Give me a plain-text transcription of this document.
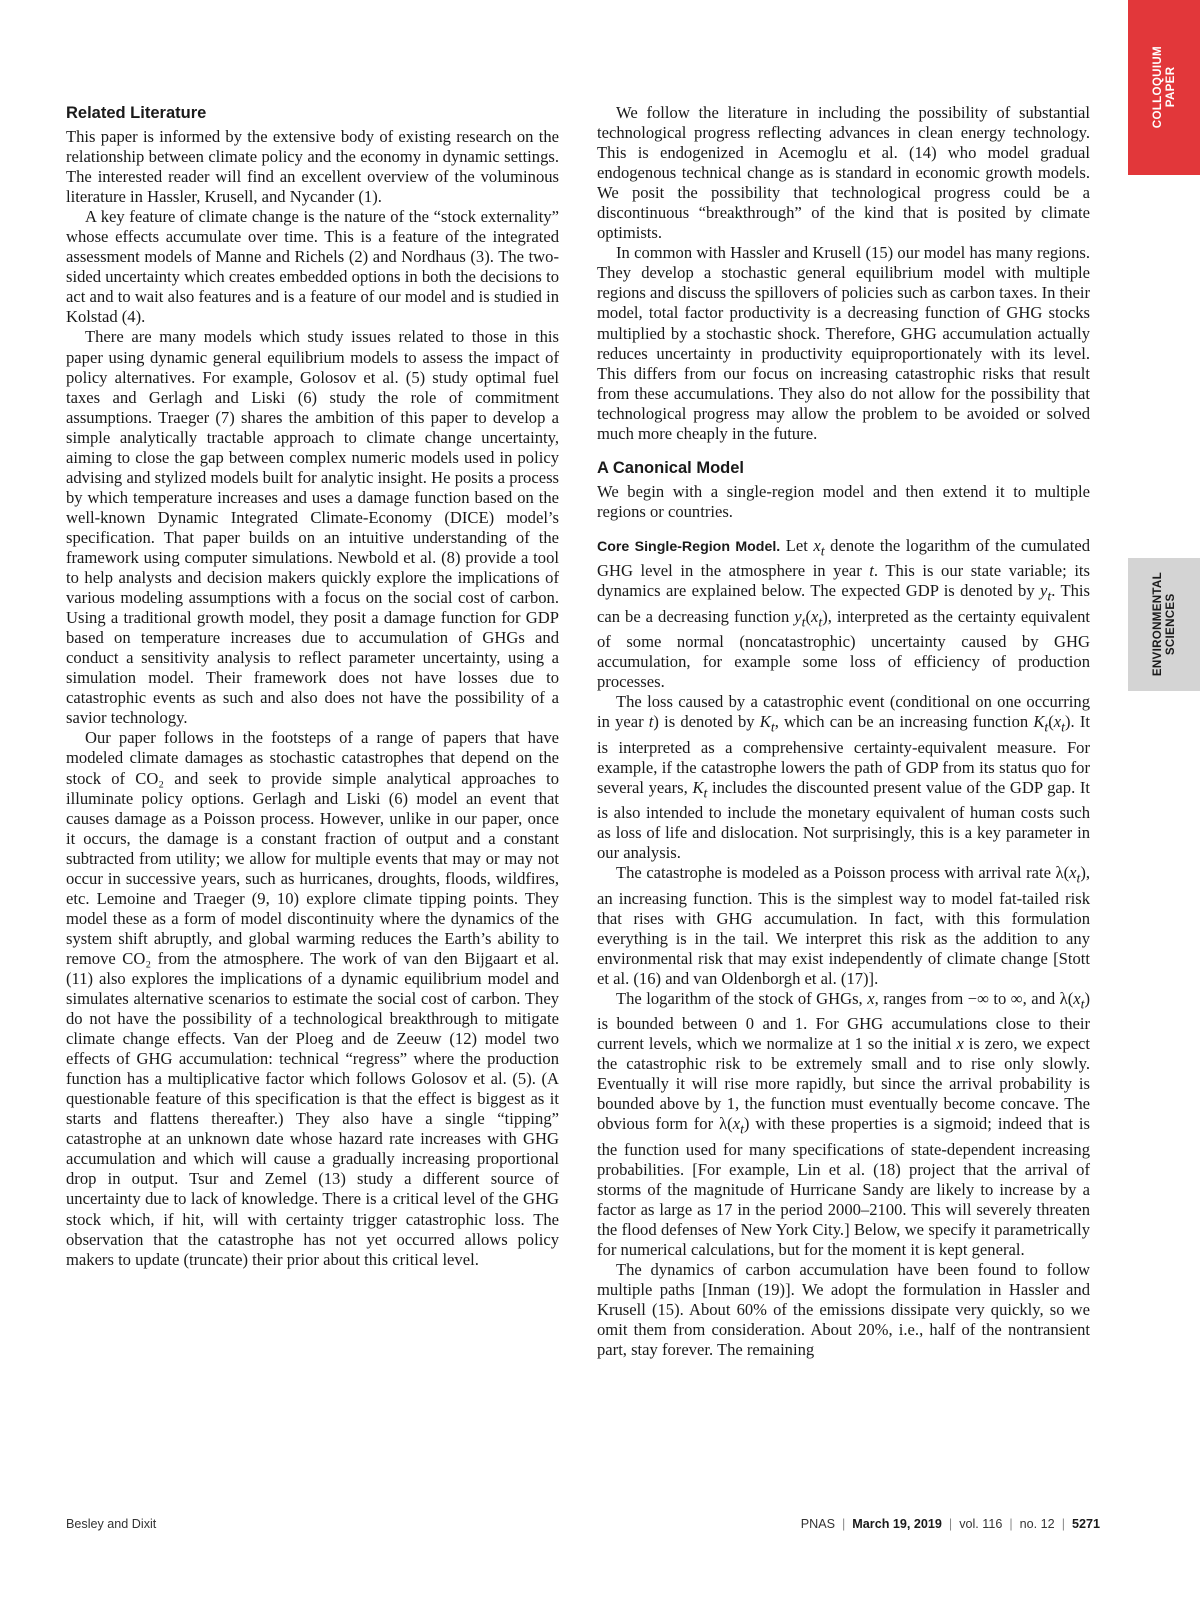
COLLOQUIUM
PAPER
ENVIRONMENTAL
SCIENCES
Related Literature

This paper is informed by the extensive body of existing research on the relationship between climate policy and the economy in dynamic settings. The interested reader will find an excellent overview of the voluminous literature in Hassler, Krusell, and Nycander (1).

A key feature of climate change is the nature of the “stock externality” whose effects accumulate over time. This is a feature of the integrated assessment models of Manne and Richels (2) and Nordhaus (3). The two-sided uncertainty which creates embedded options in both the decisions to act and to wait also features and is a feature of our model and is studied in Kolstad (4).

There are many models which study issues related to those in this paper using dynamic general equilibrium models to assess the impact of policy alternatives. For example, Golosov et al. (5) study optimal fuel taxes and Gerlagh and Liski (6) study the role of commitment assumptions. Traeger (7) shares the ambition of this paper to develop a simple analytically tractable approach to climate change uncertainty, aiming to close the gap between complex numeric models used in policy advising and stylized models built for analytic insight. He posits a process by which temperature increases and uses a damage function based on the well-known Dynamic Integrated Climate-Economy (DICE) model’s specification. That paper builds on an intuitive understanding of the framework using computer simulations. Newbold et al. (8) provide a tool to help analysts and decision makers quickly explore the implications of various modeling assumptions with a focus on the social cost of carbon. Using a traditional growth model, they posit a damage function for GDP based on temperature increases due to accumulation of GHGs and conduct a sensitivity analysis to reflect parameter uncertainty, using a simulation model. Their framework does not have losses due to catastrophic events as such and also does not have the possibility of a savior technology.

Our paper follows in the footsteps of a range of papers that have modeled climate damages as stochastic catastrophes that depend on the stock of CO₂ and seek to provide simple analytical approaches to illuminate policy options. Gerlagh and Liski (6) model an event that causes damage as a Poisson process. However, unlike in our paper, once it occurs, the damage is a constant fraction of output and a constant subtracted from utility; we allow for multiple events that may or may not occur in successive years, such as hurricanes, droughts, floods, wildfires, etc. Lemoine and Traeger (9, 10) explore climate tipping points. They model these as a form of model discontinuity where the dynamics of the system shift abruptly, and global warming reduces the Earth’s ability to remove CO₂ from the atmosphere. The work of van den Bijgaart et al. (11) also explores the implications of a dynamic equilibrium model and simulates alternative scenarios to estimate the social cost of carbon. They do not have the possibility of a technological breakthrough to mitigate climate change effects. Van der Ploeg and de Zeeuw (12) model two effects of GHG accumulation: technical “regress” where the production function has a multiplicative factor which follows Golosov et al. (5). (A questionable feature of this specification is that the effect is biggest as it starts and flattens thereafter.) They also have a single “tipping” catastrophe at an unknown date whose hazard rate increases with GHG accumulation and which will cause a gradually increasing proportional drop in output. Tsur and Zemel (13) study a different source of uncertainty due to lack of knowledge. There is a critical level of the GHG stock which, if hit, will with certainty trigger catastrophic loss. The observation that the catastrophe has not yet occurred allows policy makers to update (truncate) their prior about this critical level.

We follow the literature in including the possibility of substantial technological progress reflecting advances in clean energy technology. This is endogenized in Acemoglu et al. (14) who model gradual endogenous technical change as is standard in economic growth models. We posit the possibility that technological progress could be a discontinuous “breakthrough” of the kind that is posited by climate optimists.

In common with Hassler and Krusell (15) our model has many regions. They develop a stochastic general equilibrium model with multiple regions and discuss the spillovers of policies such as carbon taxes. In their model, total factor productivity is a decreasing function of GHG stocks multiplied by a stochastic shock. Therefore, GHG accumulation actually reduces uncertainty in productivity equiproportionately with its level. This differs from our focus on increasing catastrophic risks that result from these accumulations. They also do not allow for the possibility that technological progress may allow the problem to be avoided or solved much more cheaply in the future.

A Canonical Model

We begin with a single-region model and then extend it to multiple regions or countries.

Core Single-Region Model. Let $x_t$ denote the logarithm of the cumulated GHG level in the atmosphere in year t. This is our state variable; its dynamics are explained below. The expected GDP is denoted by $y_t$. This can be a decreasing function $y_t(x_t)$, interpreted as the certainty equivalent of some normal (noncatastrophic) uncertainty caused by GHG accumulation, for example some loss of efficiency of production processes.

The loss caused by a catastrophic event (conditional on one occurring in year t) is denoted by $K_t$, which can be an increasing function $K_t(x_t)$. It is interpreted as a comprehensive certainty-equivalent measure. For example, if the catastrophe lowers the path of GDP from its status quo for several years, $K_t$ includes the discounted present value of the GDP gap. It is also intended to include the monetary equivalent of human costs such as loss of life and dislocation. Not surprisingly, this is a key parameter in our analysis.

The catastrophe is modeled as a Poisson process with arrival rate $\lambda(x_t)$, an increasing function. This is the simplest way to model fat-tailed risk that rises with GHG accumulation. In fact, with this formulation everything is in the tail. We interpret this risk as the addition to any environmental risk that may exist independently of climate change [Stott et al. (16) and van Oldenborgh et al. (17)].

The logarithm of the stock of GHGs, x, ranges from −∞ to ∞, and $\lambda(x_t)$ is bounded between 0 and 1. For GHG accumulations close to their current levels, which we normalize at 1 so the initial x is zero, we expect the catastrophic risk to be extremely small and to rise only slowly. Eventually it will rise more rapidly, but since the arrival probability is bounded above by 1, the function must eventually become concave. The obvious form for $\lambda(x_t)$ with these properties is a sigmoid; indeed that is the function used for many specifications of state-dependent increasing probabilities. [For example, Lin et al. (18) project that the arrival of storms of the magnitude of Hurricane Sandy are likely to increase by a factor as large as 17 in the period 2000–2100. This will severely threaten the flood defenses of New York City.] Below, we specify it parametrically for numerical calculations, but for the moment it is kept general.

The dynamics of carbon accumulation have been found to follow multiple paths [Inman (19)]. We adopt the formulation in Hassler and Krusell (15). About 60% of the emissions dissipate very quickly, so we omit them from consideration. About 20%, i.e., half of the nontransient part, stay forever. The remaining

Besley and Dixit	PNAS | March 19, 2019 | vol. 116 | no. 12 | 5271
